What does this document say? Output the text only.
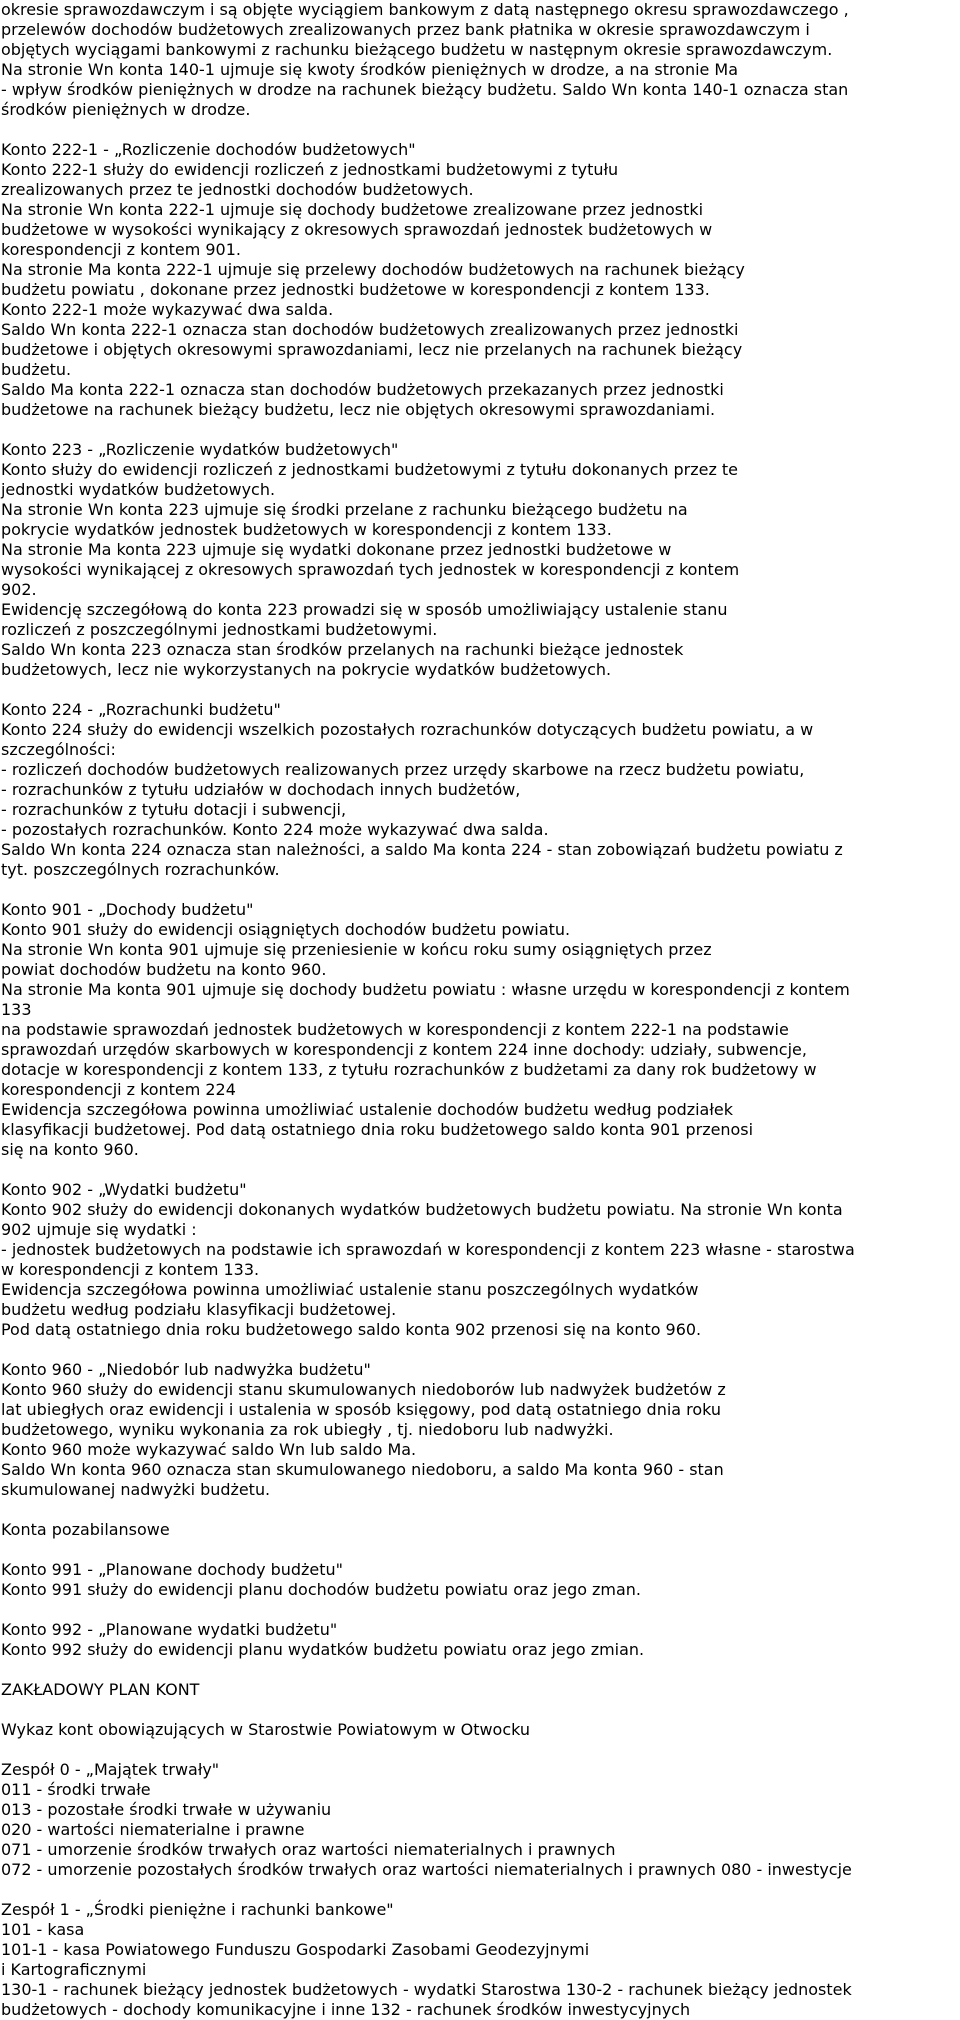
okresie sprawozdawczym i są objęte wyciągiem bankowym z datą następnego okresu sprawozdawczego ,
przelewów dochodów budżetowych zrealizowanych przez bank płatnika w okresie sprawozdawczym i
objętych wyciągami bankowymi z rachunku bieżącego budżetu w następnym okresie sprawozdawczym.
Na stronie Wn konta 140-1 ujmuje się kwoty środków pieniężnych w drodze, a na stronie Ma
- wpływ środków pieniężnych w drodze na rachunek bieżący budżetu. Saldo Wn konta 140-1 oznacza stan
środków pieniężnych w drodze.
Konto 222-1 - „Rozliczenie dochodów budżetowych"
Konto 222-1 służy do ewidencji rozliczeń z jednostkami budżetowymi z tytułu
zrealizowanych przez te jednostki dochodów budżetowych.
Na stronie Wn konta 222-1 ujmuje się dochody budżetowe zrealizowane przez jednostki
budżetowe w wysokości wynikający z okresowych sprawozdań jednostek budżetowych w
korespondencji z kontem 901.
Na stronie Ma konta 222-1 ujmuje się przelewy dochodów budżetowych na rachunek bieżący
budżetu powiatu , dokonane przez jednostki budżetowe w korespondencji z kontem 133.
Konto 222-1 może wykazywać dwa salda.
Saldo Wn konta 222-1 oznacza stan dochodów budżetowych zrealizowanych przez jednostki
budżetowe i objętych okresowymi sprawozdaniami, lecz nie przelanych na rachunek bieżący
budżetu.
Saldo Ma konta 222-1 oznacza stan dochodów budżetowych przekazanych przez jednostki
budżetowe na rachunek bieżący budżetu, lecz nie objętych okresowymi sprawozdaniami.
Konto 223 - „Rozliczenie wydatków budżetowych"
Konto służy do ewidencji rozliczeń z jednostkami budżetowymi z tytułu dokonanych przez te
jednostki wydatków budżetowych.
Na stronie Wn konta 223 ujmuje się środki przelane z rachunku bieżącego budżetu na
pokrycie wydatków jednostek budżetowych w korespondencji z kontem 133.
Na stronie Ma konta 223 ujmuje się wydatki dokonane przez jednostki budżetowe w
wysokości wynikającej z okresowych sprawozdań tych jednostek w korespondencji z kontem
902.
Ewidencję szczegółową do konta 223 prowadzi się w sposób umożliwiający ustalenie stanu
rozliczeń z poszczególnymi jednostkami budżetowymi.
Saldo Wn konta 223 oznacza stan środków przelanych na rachunki bieżące jednostek
budżetowych, lecz nie wykorzystanych na pokrycie wydatków budżetowych.
Konto 224 - „Rozrachunki budżetu"
Konto 224 służy do ewidencji wszelkich pozostałych rozrachunków dotyczących budżetu powiatu, a w
szczególności:
- rozliczeń dochodów budżetowych realizowanych przez urzędy skarbowe na rzecz budżetu powiatu,
- rozrachunków z tytułu udziałów w dochodach innych budżetów,
- rozrachunków z tytułu dotacji i subwencji,
- pozostałych rozrachunków. Konto 224 może wykazywać dwa salda.
Saldo Wn konta 224 oznacza stan należności, a saldo Ma konta 224 - stan zobowiązań budżetu powiatu z
tyt. poszczególnych rozrachunków.
Konto 901 - „Dochody budżetu"
Konto 901 służy do ewidencji osiągniętych dochodów budżetu powiatu.
Na stronie Wn konta 901 ujmuje się przeniesienie w końcu roku sumy osiągniętych przez
powiat dochodów budżetu na konto 960.
Na stronie Ma konta 901 ujmuje się dochody budżetu powiatu : własne urzędu w korespondencji z kontem
133
na podstawie sprawozdań jednostek budżetowych w korespondencji z kontem 222-1 na podstawie
sprawozdań urzędów skarbowych w korespondencji z kontem 224 inne dochody: udziały, subwencje,
dotacje w korespondencji z kontem 133, z tytułu rozrachunków z budżetami za dany rok budżetowy w
korespondencji z kontem 224
Ewidencja szczegółowa powinna umożliwiać ustalenie dochodów budżetu według podziałek
klasyfikacji budżetowej. Pod datą ostatniego dnia roku budżetowego saldo konta 901 przenosi
się na konto 960.
Konto 902 - „Wydatki budżetu"
Konto 902 służy do ewidencji dokonanych wydatków budżetowych budżetu powiatu. Na stronie Wn konta
902 ujmuje się wydatki :
- jednostek budżetowych na podstawie ich sprawozdań w korespondencji z kontem 223 własne - starostwa
w korespondencji z kontem 133.
Ewidencja szczegółowa powinna umożliwiać ustalenie stanu poszczególnych wydatków
budżetu według podziału klasyfikacji budżetowej.
Pod datą ostatniego dnia roku budżetowego saldo konta 902 przenosi się na konto 960.
Konto 960 - „Niedobór lub nadwyżka budżetu"
Konto 960 służy do ewidencji stanu skumulowanych niedoborów lub nadwyżek budżetów z
lat ubiegłych oraz ewidencji i ustalenia w sposób księgowy, pod datą ostatniego dnia roku
budżetowego, wyniku wykonania za rok ubiegły , tj. niedoboru lub nadwyżki.
Konto 960 może wykazywać saldo Wn lub saldo Ma.
Saldo Wn konta 960 oznacza stan skumulowanego niedoboru, a saldo Ma konta 960 - stan
skumulowanej nadwyżki budżetu.
Konta pozabilansowe
Konto 991 - „Planowane dochody budżetu"
Konto 991 służy do ewidencji planu dochodów budżetu powiatu oraz jego zman.
Konto 992 - „Planowane wydatki budżetu"
Konto 992 służy do ewidencji planu wydatków budżetu powiatu oraz jego zmian.
ZAKŁADOWY PLAN KONT
Wykaz kont obowiązujących w Starostwie Powiatowym w Otwocku
Zespół 0 - „Majątek trwały"
011 - środki trwałe
013 - pozostałe środki trwałe w używaniu
020 - wartości niematerialne i prawne
071 - umorzenie środków trwałych oraz wartości niematerialnych i prawnych
072 - umorzenie pozostałych środków trwałych oraz wartości niematerialnych i prawnych 080 - inwestycje
Zespół 1 - „Środki pieniężne i rachunki bankowe"
101 - kasa
101-1 - kasa Powiatowego Funduszu Gospodarki Zasobami Geodezyjnymi
i Kartograficznymi
130-1 - rachunek bieżący jednostek budżetowych - wydatki Starostwa 130-2 - rachunek bieżący jednostek
budżetowych - dochody komunikacyjne i inne 132 - rachunek środków inwestycyjnych
